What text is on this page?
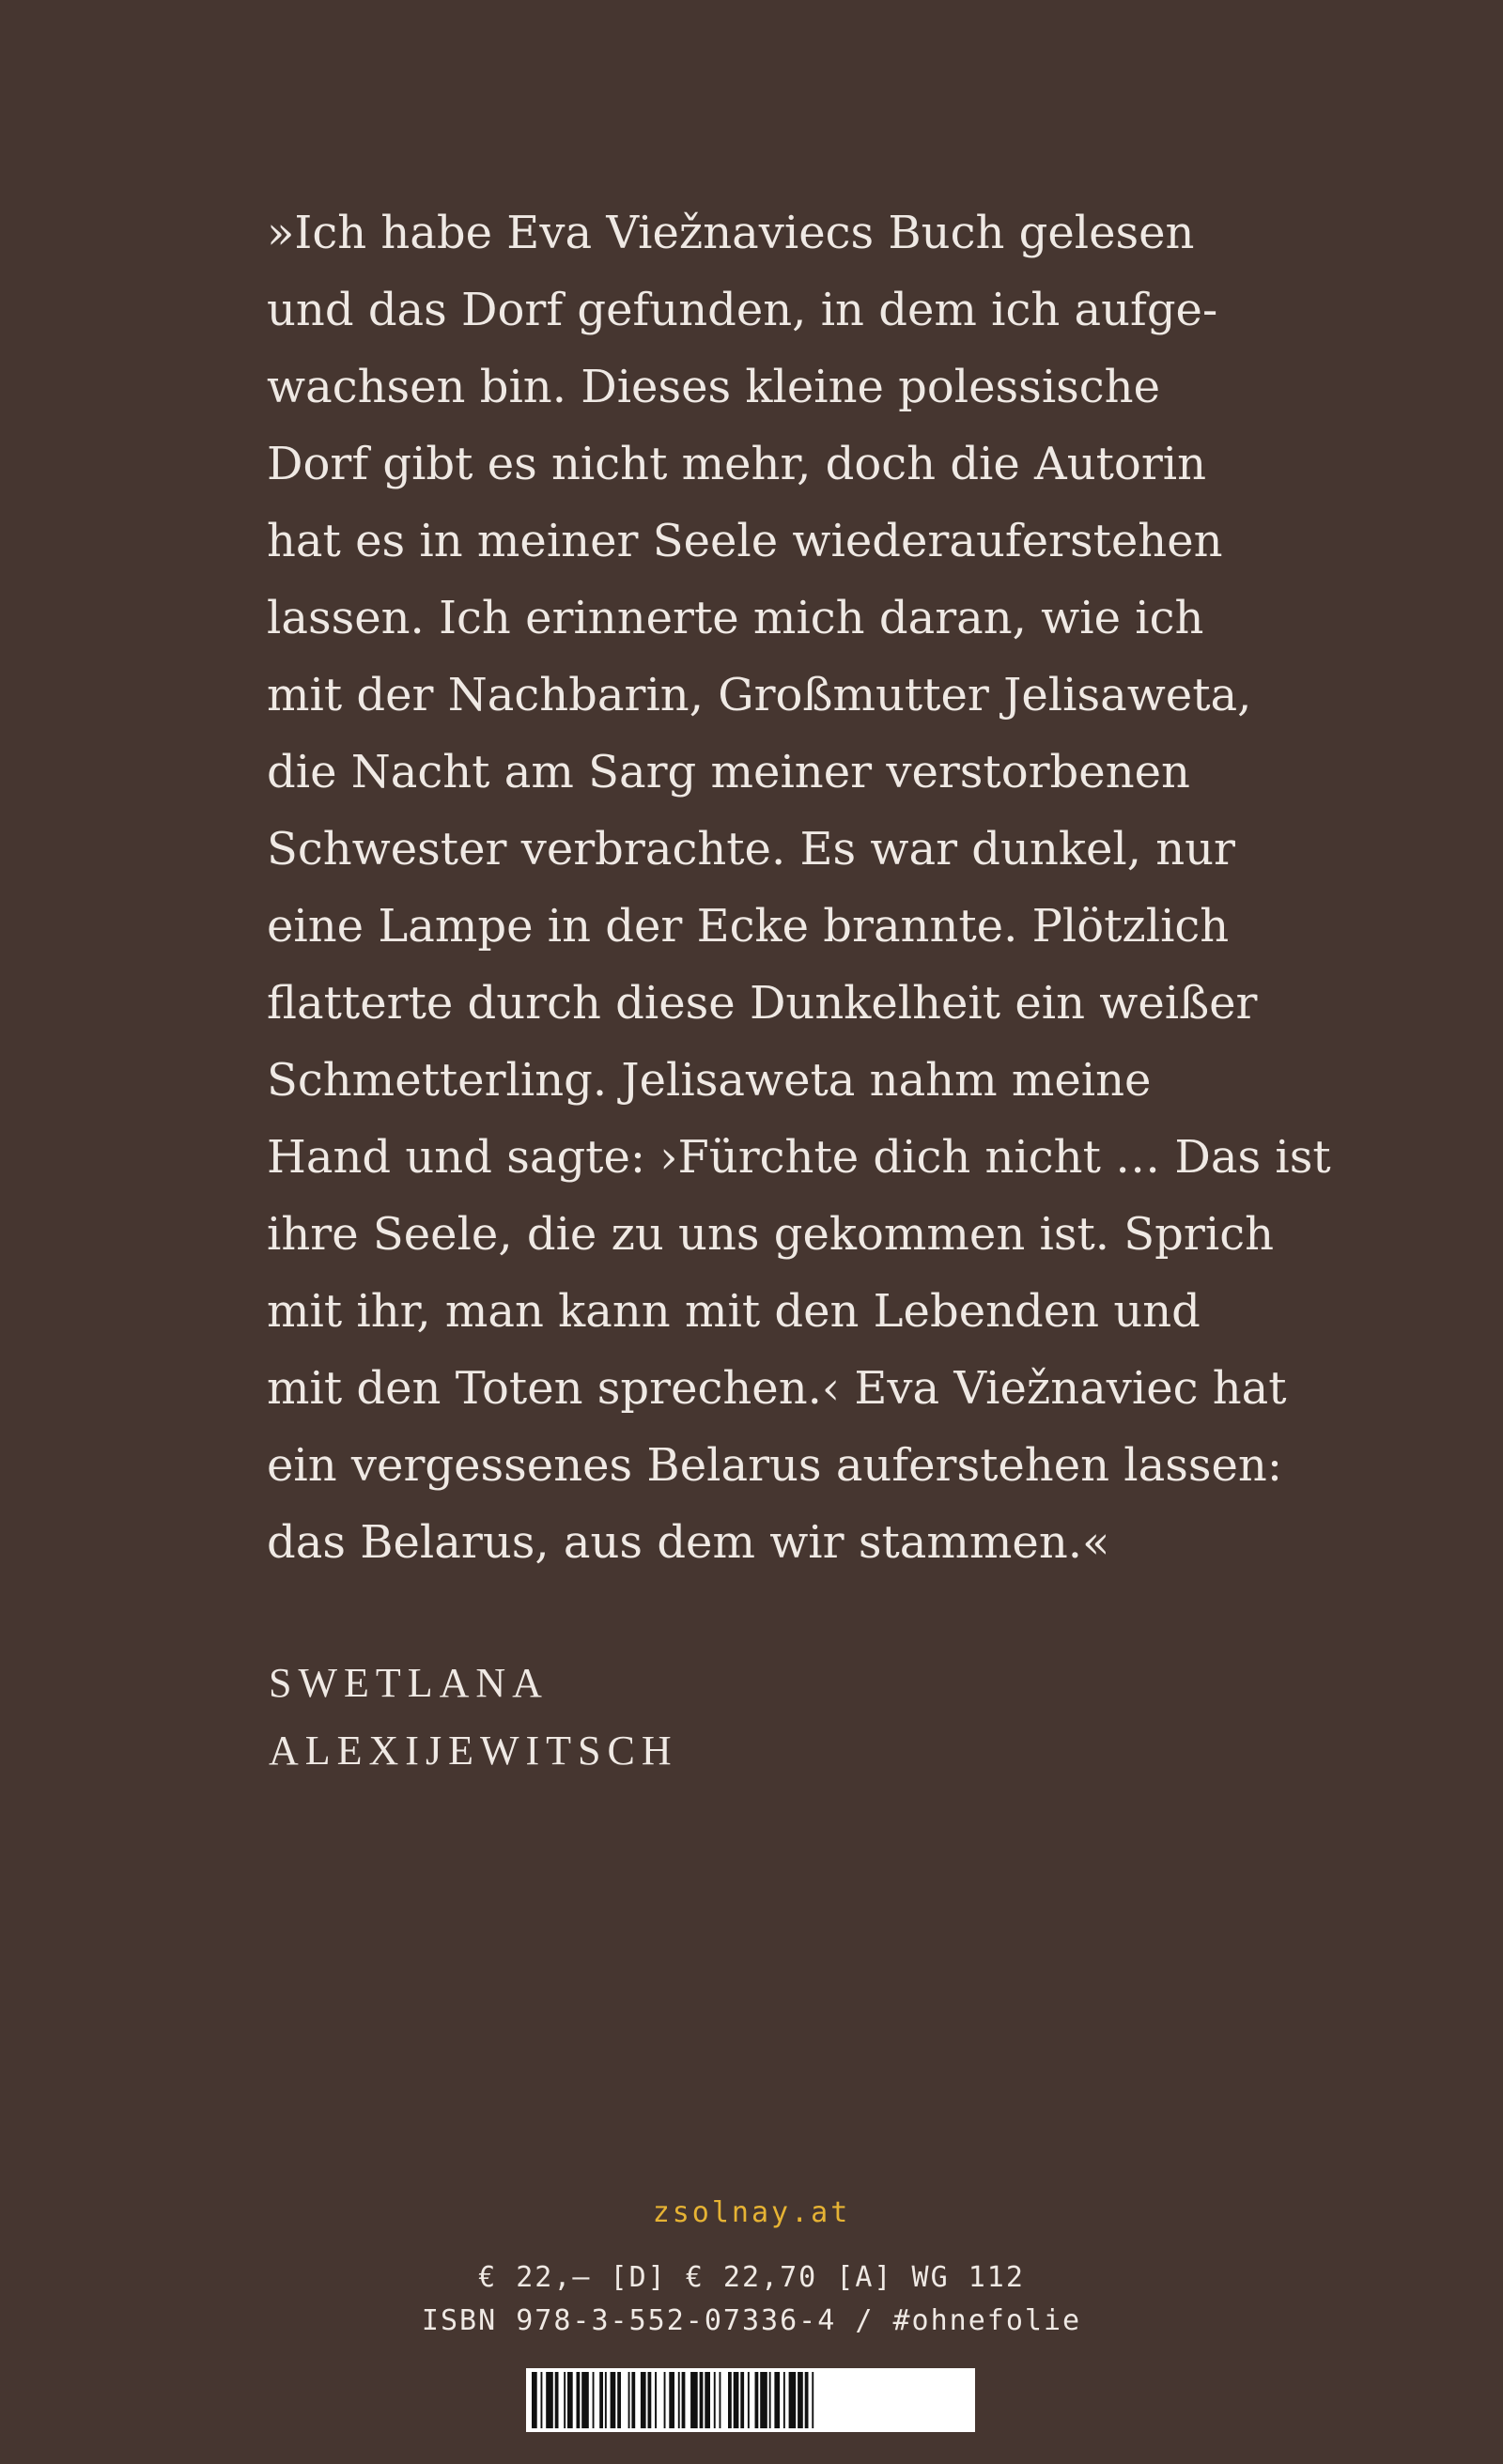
»Ich habe Eva Viežnaviecs Buch gelesen
und das Dorf gefunden, in dem ich aufge-
wachsen bin. Dieses kleine polessische
Dorf gibt es nicht mehr, doch die Autorin
hat es in meiner Seele wiederauferstehen
lassen. Ich erinnerte mich daran, wie ich
mit der Nachbarin, Großmutter Jelisaweta,
die Nacht am Sarg meiner verstorbenen
Schwester verbrachte. Es war dunkel, nur
eine Lampe in der Ecke brannte. Plötzlich
flatterte durch diese Dunkelheit ein weißer
Schmetterling. Jelisaweta nahm meine
Hand und sagte: ›Fürchte dich nicht … Das ist
ihre Seele, die zu uns gekommen ist. Sprich
mit ihr, man kann mit den Lebenden und
mit den Toten sprechen.‹ Eva Viežnaviec hat
ein vergessenes Belarus auferstehen lassen:
das Belarus, aus dem wir stammen.«
SWETLANA
ALEXIJEWITSCH
zsolnay.at
€ 22,– [D] € 22,70 [A] WG 112
ISBN 978-3-552-07336-4 / #ohnefolie
